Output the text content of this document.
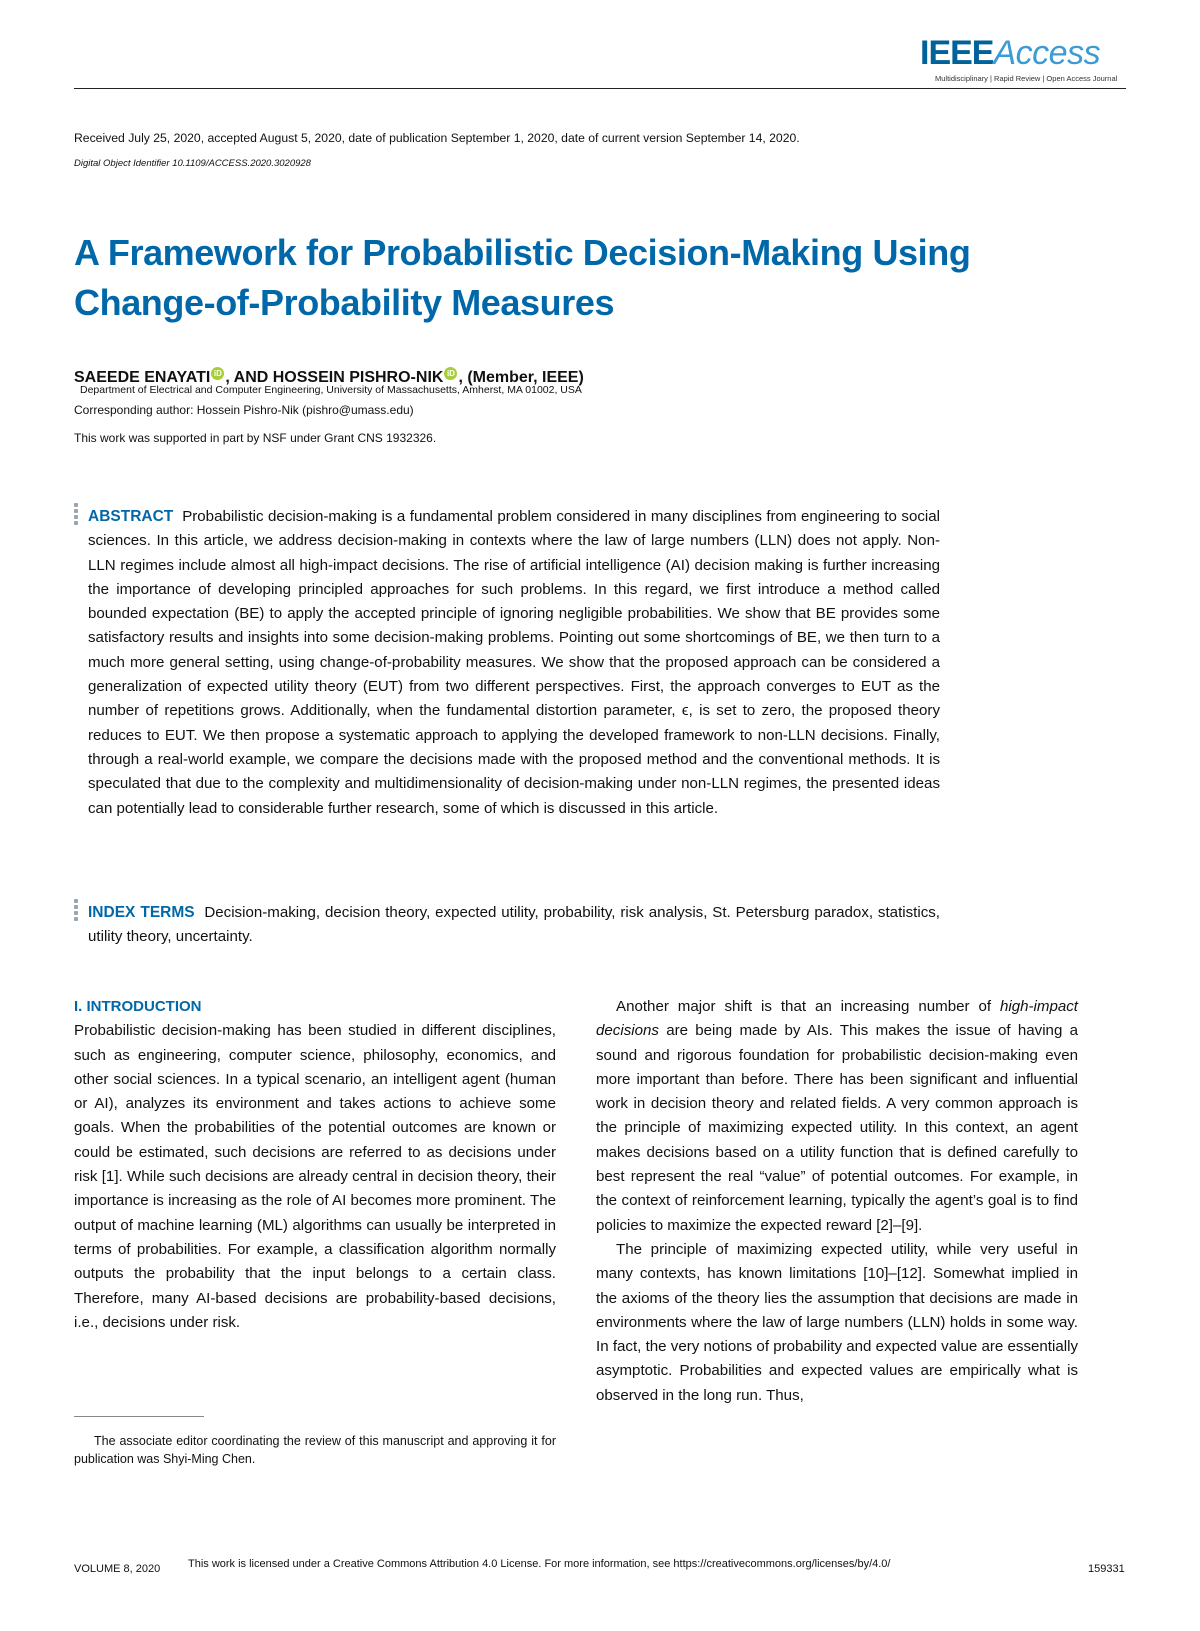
IEEEAccess
Multidisciplinary | Rapid Review | Open Access Journal
Received July 25, 2020, accepted August 5, 2020, date of publication September 1, 2020, date of current version September 14, 2020.
Digital Object Identifier 10.1109/ACCESS.2020.3020928
A Framework for Probabilistic Decision-Making Using Change-of-Probability Measures
SAEEDE ENAYATI iD , AND HOSSEIN PISHRO-NIK iD , (Member, IEEE)
Department of Electrical and Computer Engineering, University of Massachusetts, Amherst, MA 01002, USA
Corresponding author: Hossein Pishro-Nik (pishro@umass.edu)
This work was supported in part by NSF under Grant CNS 1932326.
ABSTRACT Probabilistic decision-making is a fundamental problem considered in many disciplines from engineering to social sciences. In this article, we address decision-making in contexts where the law of large numbers (LLN) does not apply. Non-LLN regimes include almost all high-impact decisions. The rise of artificial intelligence (AI) decision making is further increasing the importance of developing principled approaches for such problems. In this regard, we first introduce a method called bounded expectation (BE) to apply the accepted principle of ignoring negligible probabilities. We show that BE provides some satisfactory results and insights into some decision-making problems. Pointing out some shortcomings of BE, we then turn to a much more general setting, using change-of-probability measures. We show that the proposed approach can be considered a generalization of expected utility theory (EUT) from two different perspectives. First, the approach converges to EUT as the number of repetitions grows. Additionally, when the fundamental distortion parameter, ϵ, is set to zero, the proposed theory reduces to EUT. We then propose a systematic approach to applying the developed framework to non-LLN decisions. Finally, through a real-world example, we compare the decisions made with the proposed method and the conventional methods. It is speculated that due to the complexity and multidimensionality of decision-making under non-LLN regimes, the presented ideas can potentially lead to considerable further research, some of which is discussed in this article.
INDEX TERMS Decision-making, decision theory, expected utility, probability, risk analysis, St. Petersburg paradox, statistics, utility theory, uncertainty.
I. INTRODUCTION

Probabilistic decision-making has been studied in different disciplines, such as engineering, computer science, philosophy, economics, and other social sciences. In a typical scenario, an intelligent agent (human or AI), analyzes its environment and takes actions to achieve some goals. When the probabilities of the potential outcomes are known or could be estimated, such decisions are referred to as decisions under risk [1]. While such decisions are already central in decision theory, their importance is increasing as the role of AI becomes more prominent. The output of machine learning (ML) algorithms can usually be interpreted in terms of probabilities. For example, a classification algorithm normally outputs the probability that the input belongs to a certain class. Therefore, many AI-based decisions are probability-based decisions, i.e., decisions under risk.

The associate editor coordinating the review of this manuscript and approving it for publication was Shyi-Ming Chen.

Another major shift is that an increasing number of high-impact decisions are being made by AIs. This makes the issue of having a sound and rigorous foundation for probabilistic decision-making even more important than before. There has been significant and influential work in decision theory and related fields. A very common approach is the principle of maximizing expected utility. In this context, an agent makes decisions based on a utility function that is defined carefully to best represent the real “value” of potential outcomes. For example, in the context of reinforcement learning, typically the agent’s goal is to find policies to maximize the expected reward [2]–[9].

The principle of maximizing expected utility, while very useful in many contexts, has known limitations [10]–[12]. Somewhat implied in the axioms of the theory lies the assumption that decisions are made in environments where the law of large numbers (LLN) holds in some way. In fact, the very notions of probability and expected value are essentially asymptotic. Probabilities and expected values are empirically what is observed in the long run. Thus,

VOLUME 8, 2020	This work is licensed under a Creative Commons Attribution 4.0 License. For more information, see https://creativecommons.org/licenses/by/4.0/	159331
